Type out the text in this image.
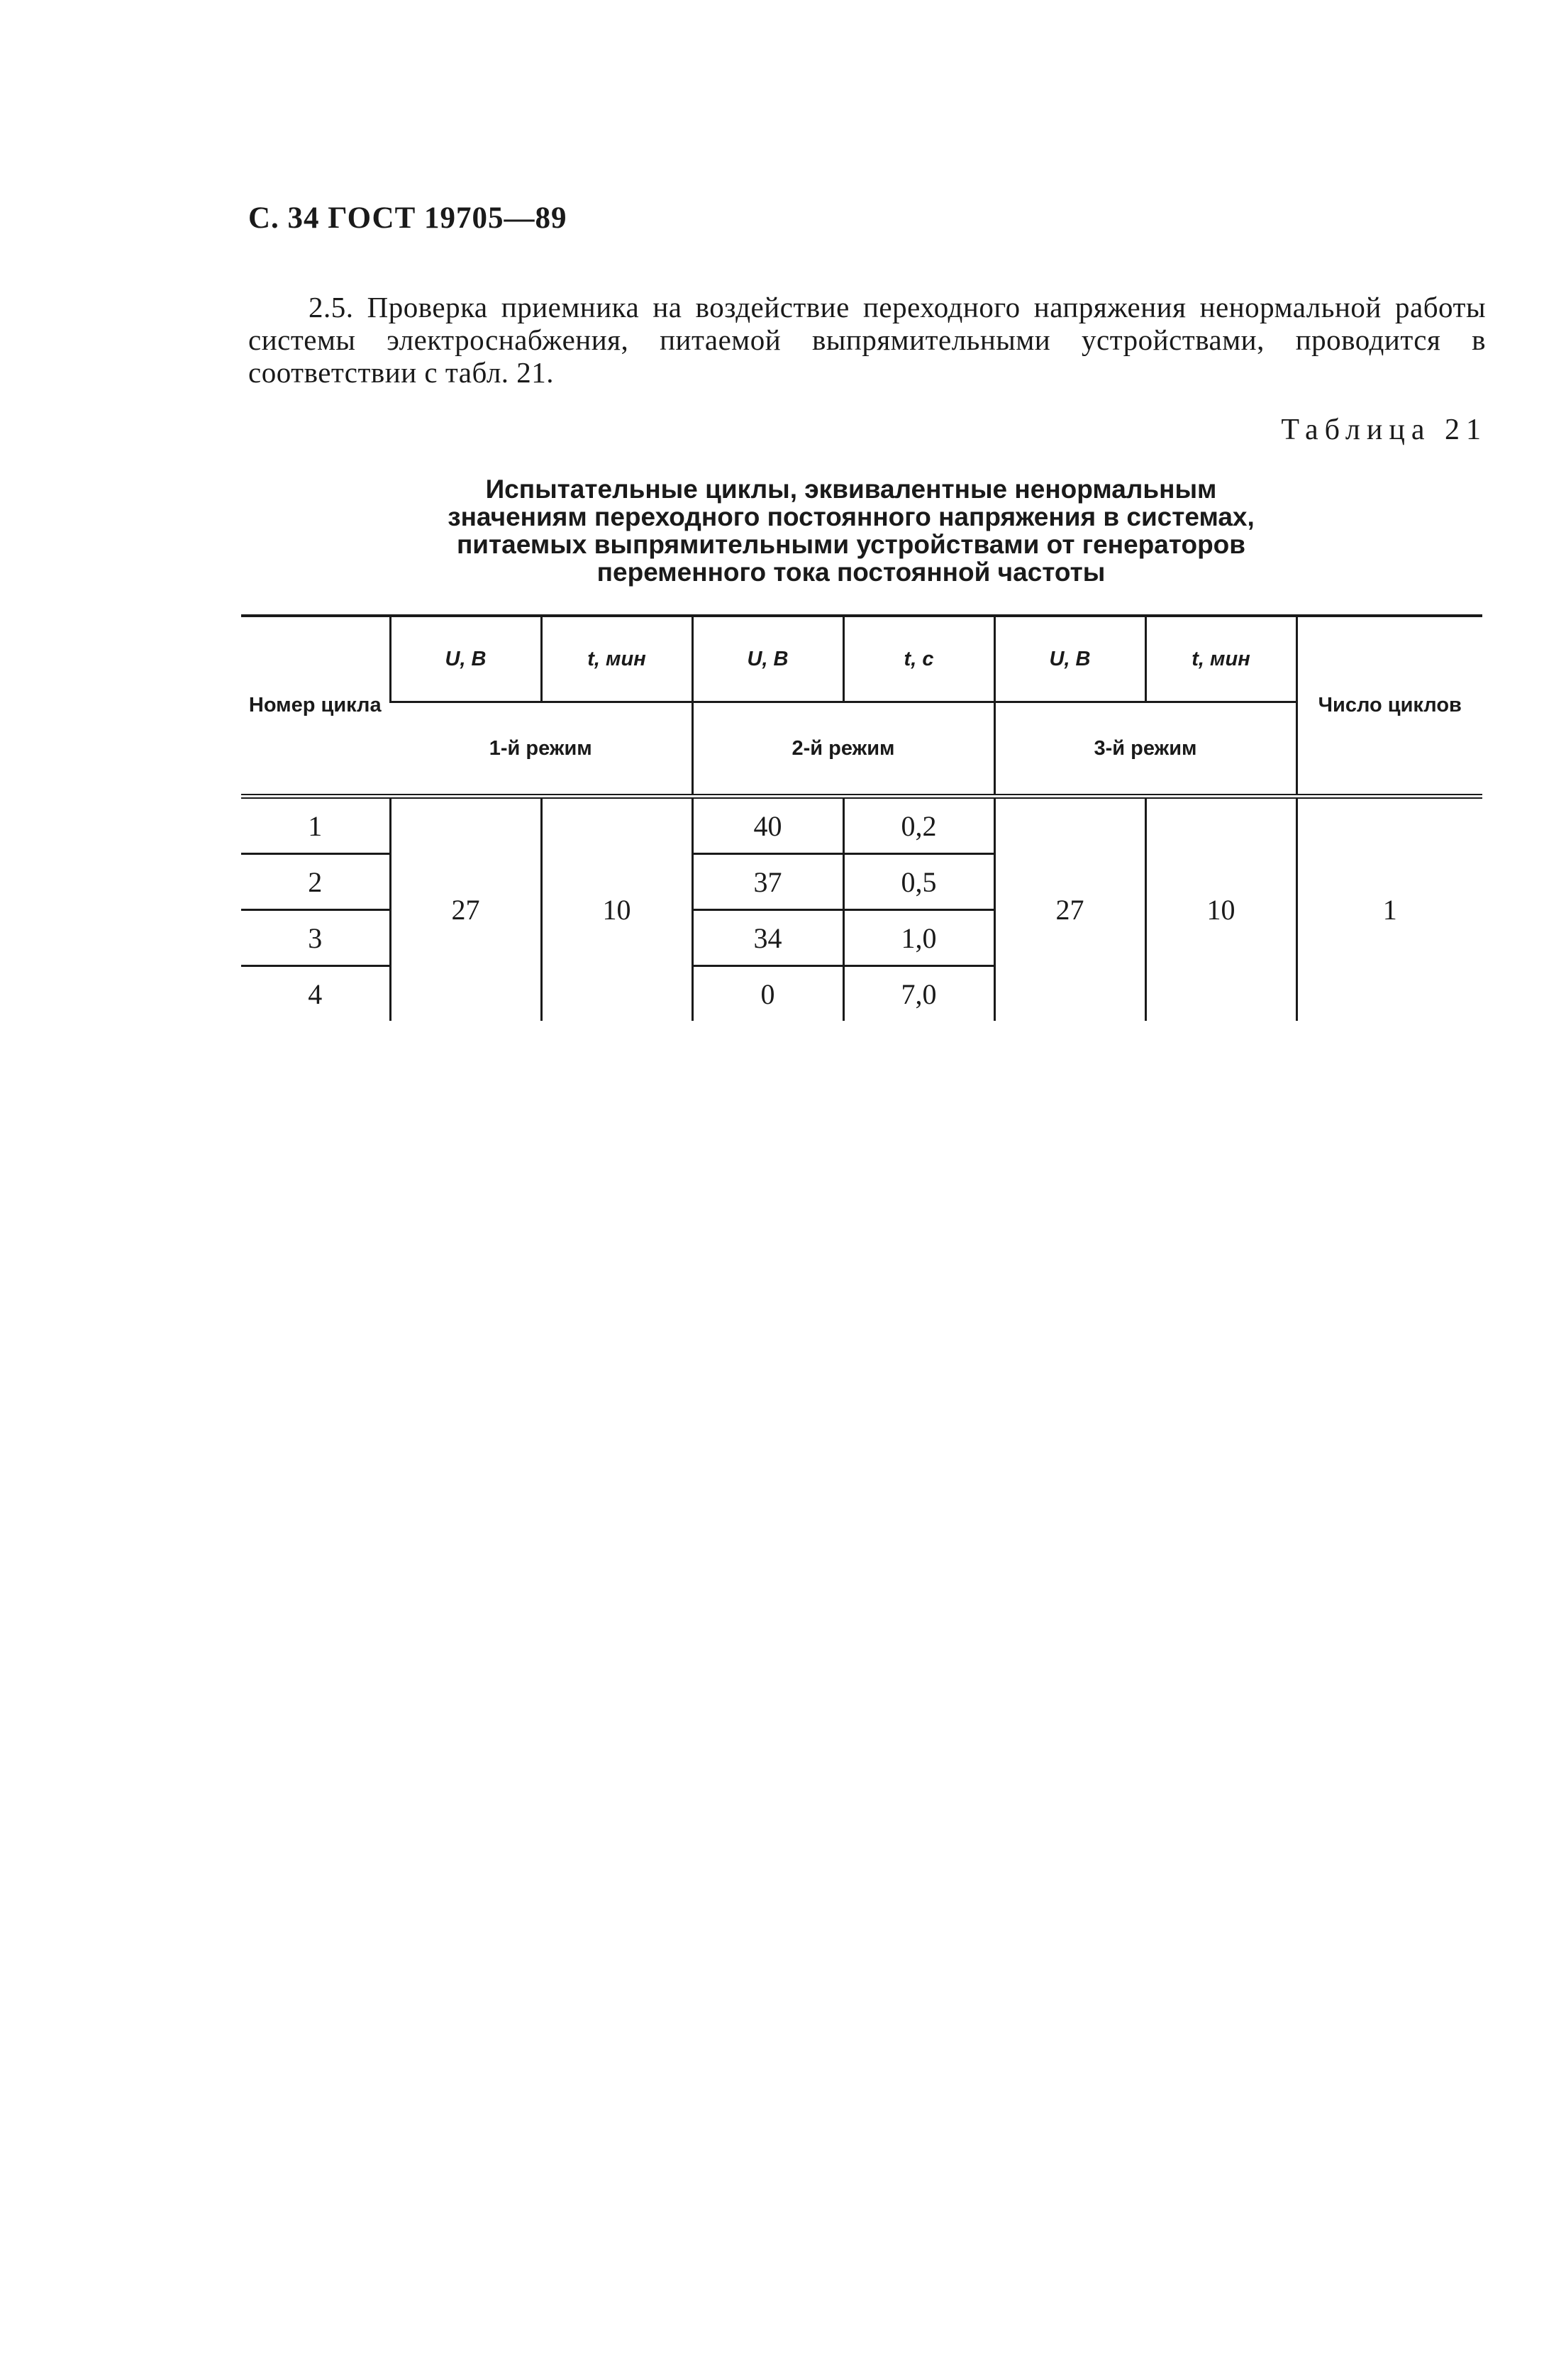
С. 34 ГОСТ 19705—89
2.5. Проверка приемника на воздействие переходного напряжения ненормальной работы системы электроснабжения, питаемой выпрямительными устройствами, проводится в соответствии с табл. 21.
Таблица 21
Испытательные циклы, эквивалентные ненормальным
значениям переходного постоянного напряжения в системах,
питаемых выпрямительными устройствами от генераторов
переменного тока постоянной частоты
Номер цикла	U, В	t, мин	U, В	t, с	U, В	t, мин	Число циклов
	1-й режим		2-й режим		3-й режим		
1	27	10	40	0,2	27	10	1
2			37	0,5			
3			34	1,0			
4			0	7,0			
